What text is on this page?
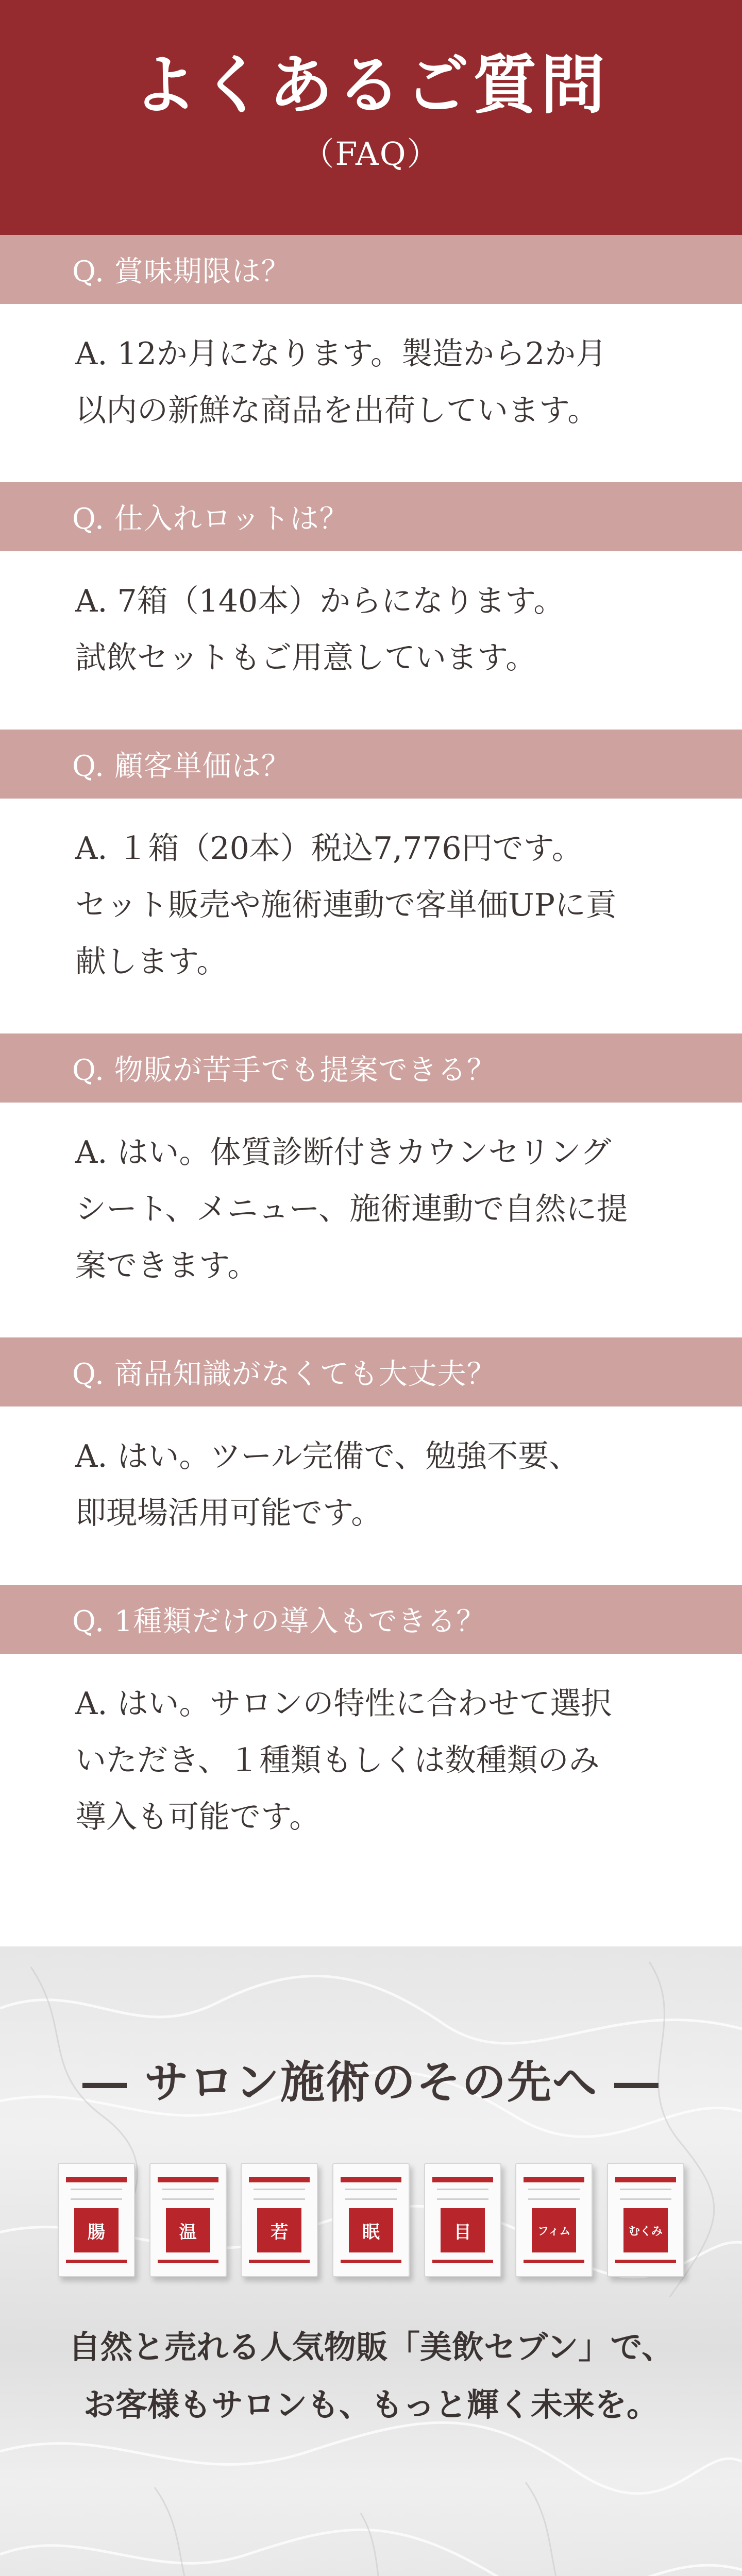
よくあるご質問
（FAQ）
Q. 賞味期限は？
A. 12か月になります。製造から2か月
以内の新鮮な商品を出荷しています。
Q. 仕入れロットは？
A. 7箱（140本）からになります。
試飲セットもご用意しています。
Q. 顧客単価は？
A. １箱（20本）税込7,776円です。
セット販売や施術連動で客単価UPに貢
献します。
Q. 物販が苦手でも提案できる？
A. はい。体質診断付きカウンセリング
シート、メニュー、施術連動で自然に提
案できます。
Q. 商品知識がなくても大丈夫？
A. はい。ツール完備で、勉強不要、
即現場活用可能です。
Q. 1種類だけの導入もできる？
A. はい。サロンの特性に合わせて選択
いただき、１種類もしくは数種類のみ
導入も可能です。
― サロン施術のその先へ ―
腸	温	若	眠	目	フィム	むくみ
自然と売れる人気物販「美飲セブン」で、
お客様もサロンも、もっと輝く未来を。
